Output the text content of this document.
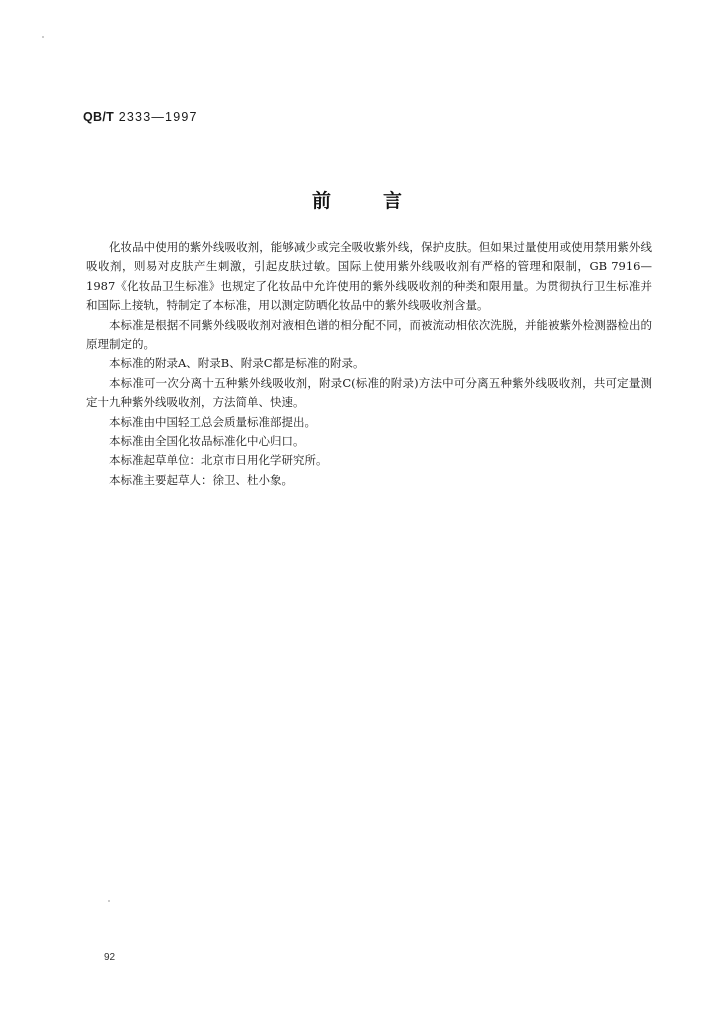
QB/T 2333—1997
前言

化妆品中使用的紫外线吸收剂，能够减少或完全吸收紫外线，保护皮肤。但如果过量使用或使用禁用紫外线吸收剂，则易对皮肤产生刺激，引起皮肤过敏。国际上使用紫外线吸收剂有严格的管理和限制，GB 7916—1987《化妆品卫生标准》也规定了化妆品中允许使用的紫外线吸收剂的种类和限用量。为贯彻执行卫生标准并和国际上接轨，特制定了本标准，用以测定防晒化妆品中的紫外线吸收剂含量。

本标准是根据不同紫外线吸收剂对液相色谱的相分配不同，而被流动相依次洗脱，并能被紫外检测器检出的原理制定的。

本标准的附录A、附录B、附录C都是标准的附录。

本标准可一次分离十五种紫外线吸收剂，附录C(标准的附录)方法中可分离五种紫外线吸收剂，共可定量测定十九种紫外线吸收剂，方法简单、快速。

本标准由中国轻工总会质量标准部提出。

本标准由全国化妆品标准化中心归口。

本标准起草单位：北京市日用化学研究所。

本标准主要起草人：徐卫、杜小象。

92
